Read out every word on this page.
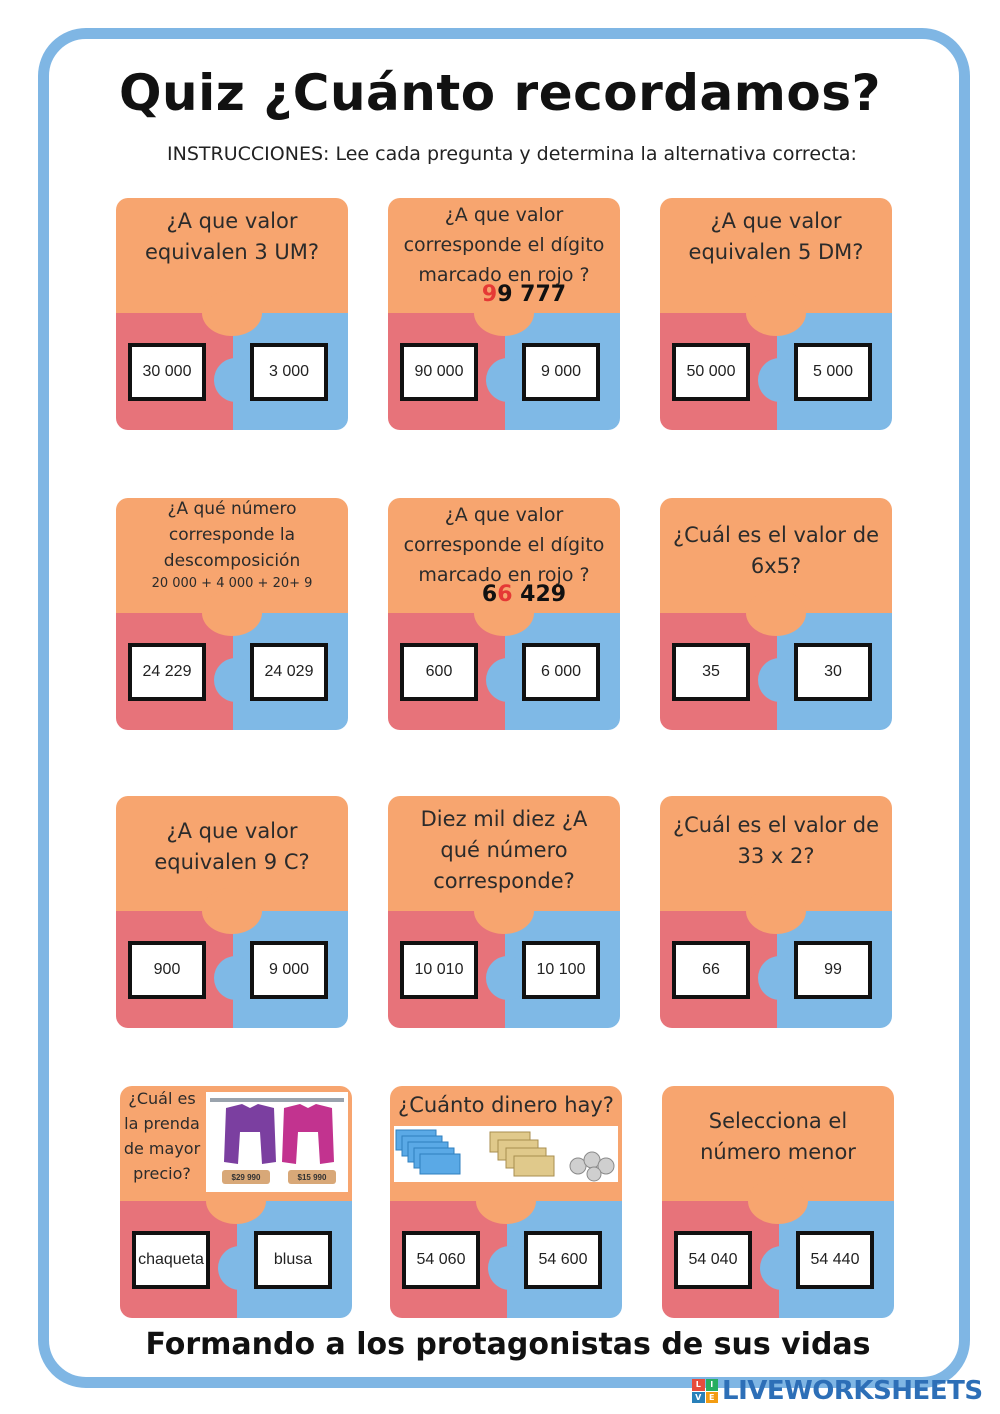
Quiz ¿Cuánto recordamos?
INSTRUCCIONES: Lee cada pregunta y determina la alternativa correcta:
¿A que valor
equivalen 3 UM?
30 000	3 000
¿A que valor
corresponde el dígito
marcado en rojo ?
99 777
90 000	9 000
¿A que valor
equivalen 5 DM?
50 000	5 000
¿A qué número
corresponde la
descomposición
20 000 + 4 000 + 20+ 9
24 229	24 029
¿A que valor
corresponde el dígito
marcado en rojo ?
66 429
600	6 000
¿Cuál es el valor de
6x5?
35	30
¿A que valor
equivalen 9 C?
900	9 000
Diez mil diez ¿A
qué número
corresponde?
10 010	10 100
¿Cuál es el valor de
33 x 2?
66	99
¿Cuál es
la prenda
de mayor
precio?	$29 990	$15 990
chaqueta	blusa
¿Cuánto dinero hay?
54 060	54 600
Selecciona el
número menor
54 040	54 440
Formando a los protagonistas de sus vidas
L	I
V E LIVEWORKSHEETS
